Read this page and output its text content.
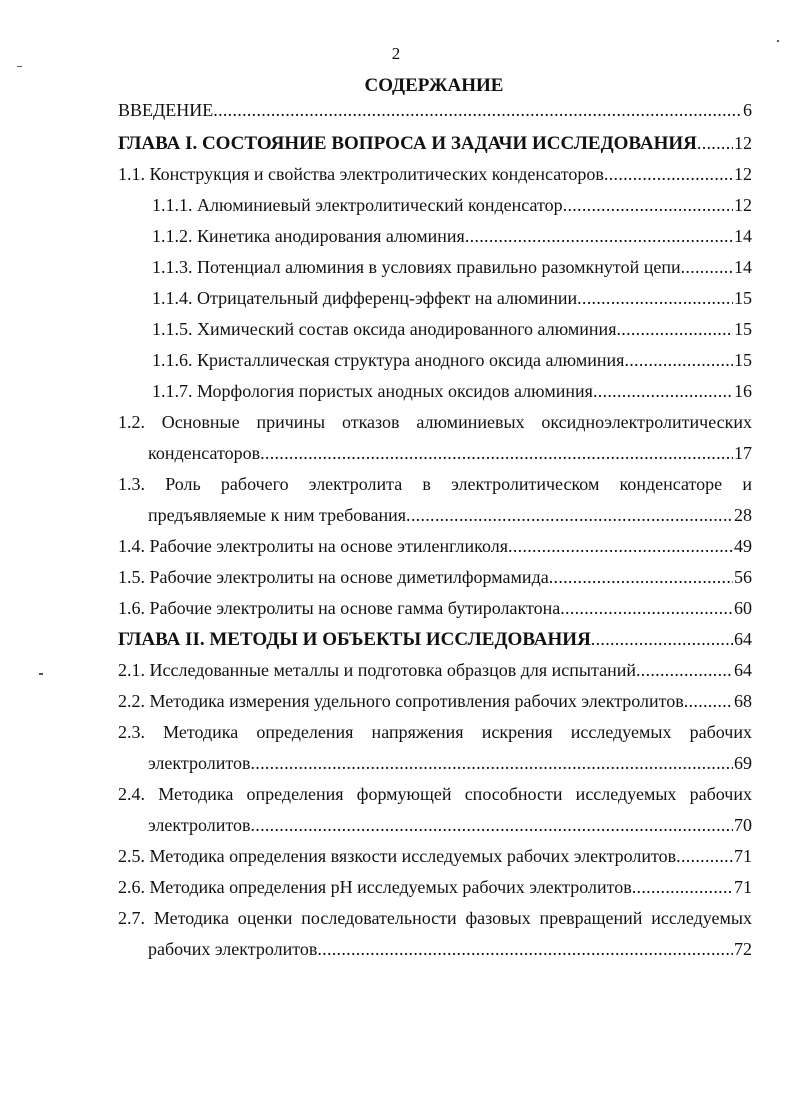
2
СОДЕРЖАНИЕ
ВВЕДЕНИЕ .....	6
ГЛАВА I. СОСТОЯНИЕ ВОПРОСА И ЗАДАЧИ ИССЛЕДОВАНИЯ ..... 12
1.1. Конструкция и свойства электролитических конденсаторов .....	12
1.1.1. Алюминиевый электролитический конденсатор .....	12
1.1.2. Кинетика анодирования алюминия .....	14
1.1.3. Потенциал алюминия в условиях правильно разомкнутой цепи .....	14
1.1.4. Отрицательный дифференц-эффект на алюминии .....	15
1.1.5. Химический состав оксида анодированного алюминия .....	15
1.1.6. Кристаллическая структура анодного оксида алюминия .....	15
1.1.7. Морфология пористых анодных оксидов алюминия .....	16
1.2. Основные причины отказов алюминиевых оксидноэлектролитических
конденсаторов .....	17
1.3. Роль рабочего электролита в электролитическом конденсаторе и
предъявляемые к ним требования .....	28
1.4. Рабочие электролиты на основе этиленгликоля .....	49
1.5. Рабочие электролиты на основе диметилформамида .....	56
1.6. Рабочие электролиты на основе гамма бутиролактона .....	60
ГЛАВА II. МЕТОДЫ И ОБЪЕКТЫ ИССЛЕДОВАНИЯ .....	64
2.1. Исследованные металлы и подготовка образцов для испытаний .....	64
2.2. Методика измерения удельного сопротивления рабочих электролитов .....	68
2.3. Методика определения напряжения искрения исследуемых рабочих
электролитов .....	69
2.4. Методика определения формующей способности исследуемых рабочих
электролитов .....	70
2.5. Методика определения вязкости исследуемых рабочих электролитов .....	71
2.6. Методика определения pH исследуемых рабочих электролитов .....	71
2.7. Методика оценки последовательности фазовых превращений исследуемых
рабочих электролитов .....	72
